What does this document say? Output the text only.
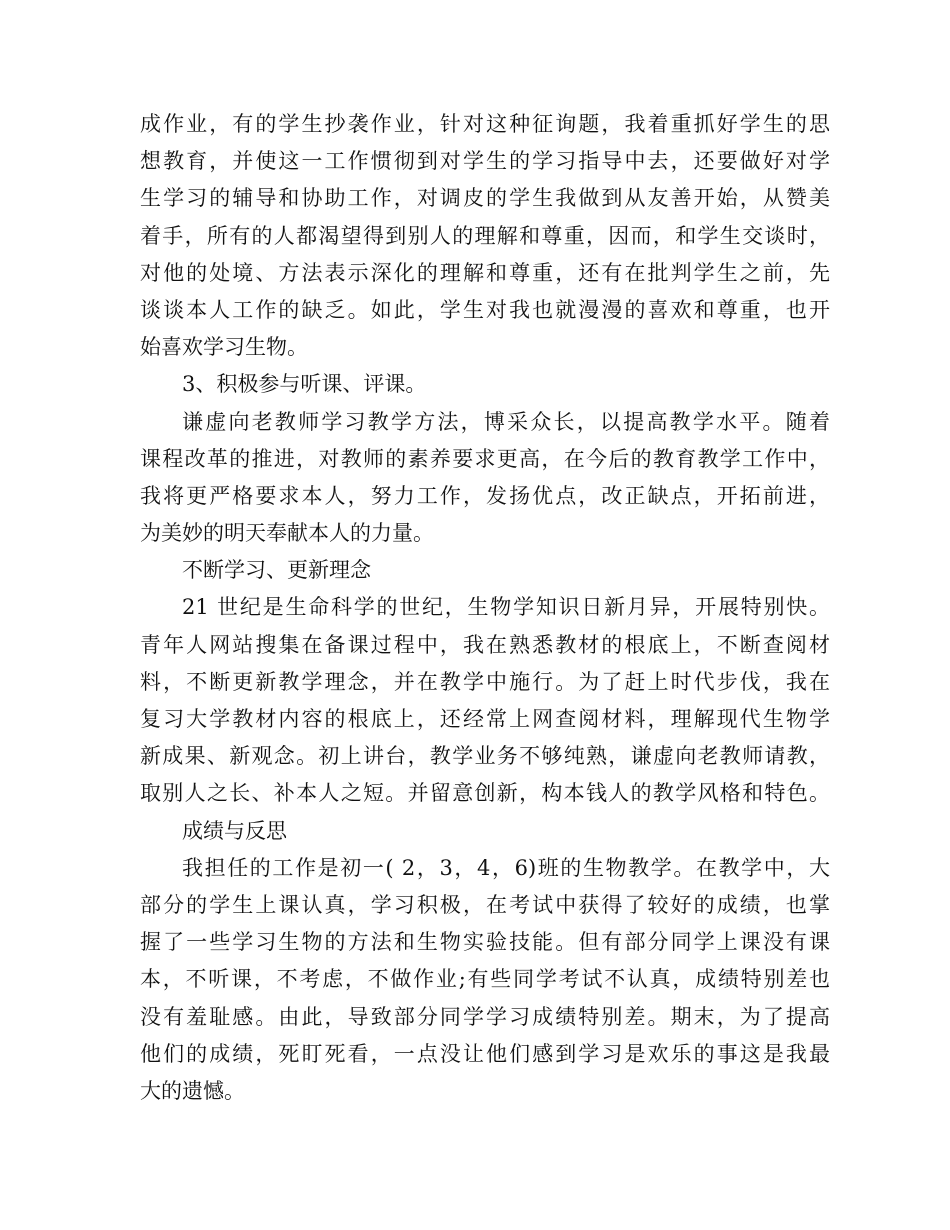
成作业，有的学生抄袭作业，针对这种征询题，我着重抓好学生的思
想教育，并使这一工作惯彻到对学生的学习指导中去，还要做好对学
生学习的辅导和协助工作，对调皮的学生我做到从友善开始，从赞美
着手，所有的人都渴望得到别人的理解和尊重，因而，和学生交谈时，
对他的处境、方法表示深化的理解和尊重，还有在批判学生之前，先
谈谈本人工作的缺乏。如此，学生对我也就漫漫的喜欢和尊重，也开
始喜欢学习生物。
3、积极参与听课、评课。
谦虚向老教师学习教学方法，博采众长，以提高教学水平。随着
课程改革的推进，对教师的素养要求更高，在今后的教育教学工作中，
我将更严格要求本人，努力工作，发扬优点，改正缺点，开拓前进，
为美妙的明天奉献本人的力量。
不断学习、更新理念
21 世纪是生命科学的世纪，生物学知识日新月异，开展特别快。
青年人网站搜集在备课过程中，我在熟悉教材的根底上，不断查阅材
料，不断更新教学理念，并在教学中施行。为了赶上时代步伐，我在
复习大学教材内容的根底上，还经常上网查阅材料，理解现代生物学
新成果、新观念。初上讲台，教学业务不够纯熟，谦虚向老教师请教，
取别人之长、补本人之短。并留意创新，构本钱人的教学风格和特色。
成绩与反思
我担任的工作是初一( 2，3，4，6)班的生物教学。在教学中，大
部分的学生上课认真，学习积极，在考试中获得了较好的成绩，也掌
握了一些学习生物的方法和生物实验技能。但有部分同学上课没有课
本，不听课，不考虑，不做作业;有些同学考试不认真，成绩特别差也
没有羞耻感。由此，导致部分同学学习成绩特别差。期末，为了提高
他们的成绩，死盯死看，一点没让他们感到学习是欢乐的事这是我最
大的遗憾。
